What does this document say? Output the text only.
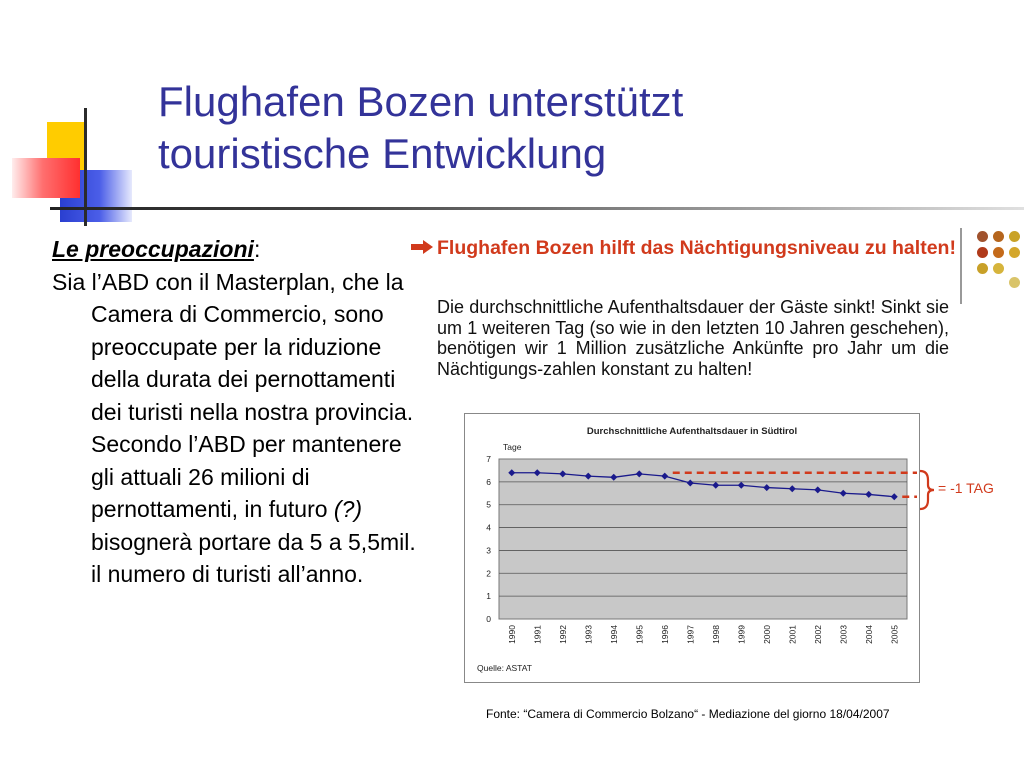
Flughafen Bozen unterstützt
touristische Entwicklung
Le preoccupazioni:

Sia l’ABD con il Masterplan, che la Camera di Commercio, sono preoccupate per la riduzione della durata dei pernottamenti dei turisti nella nostra provincia. Secondo l’ABD per mantenere gli attuali 26 milioni di pernottamenti, in futuro (?) bisognerà portare da 5 a 5,5mil. il numero di turisti all’anno.

Flughafen Bozen hilft das Nächtigungsniveau zu halten!

Die durchschnittliche Aufenthaltsdauer der Gäste sinkt! Sinkt sie um 1 weiteren Tag (so wie in den letzten 10 Jahren geschehen), benötigen wir 1 Million zusätzliche Ankünfte pro Jahr um die Nächtigungs-zahlen konstant zu halten!

Durchschnittliche Aufenthaltsdauer in Südtirol
Tage
0
1
2
3
4
5
6
7
1990 1991 1992 1993 1994 1995 1996 1997 1998 1999 2000 2001 2002 2003 2004 2005
Quelle: ASTAT
= -1 TAG
Fonte: “Camera di Commercio Bolzano“ - Mediazione del giorno 18/04/2007
